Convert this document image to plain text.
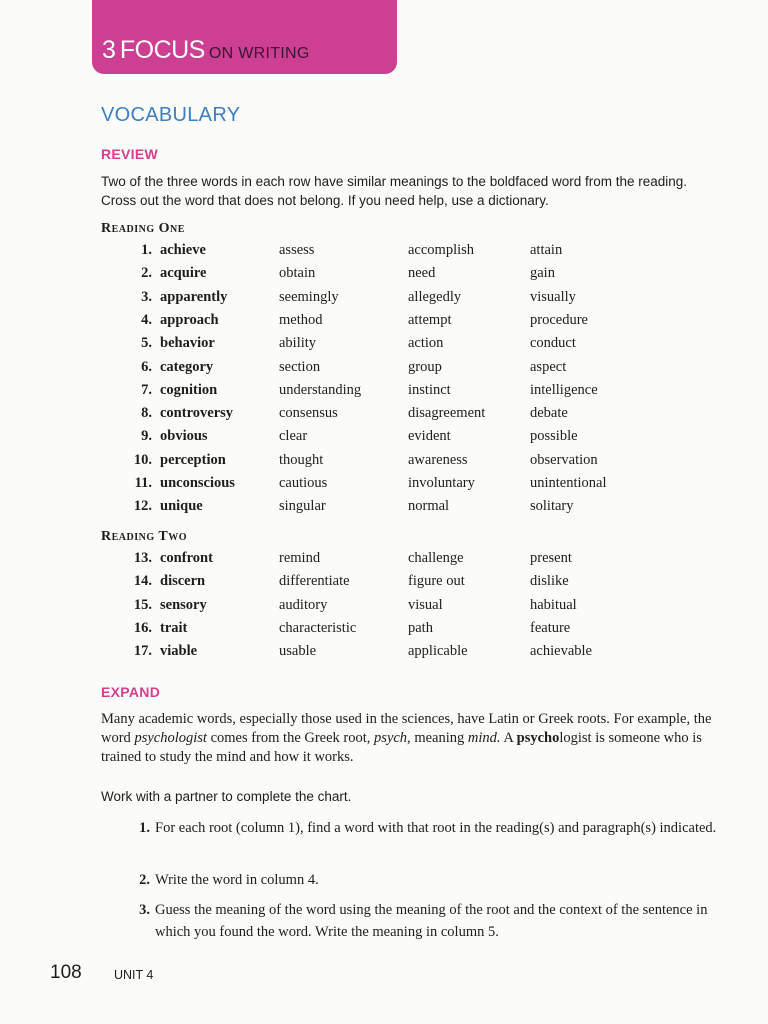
3 FOCUS ON WRITING
VOCABULARY
REVIEW

Two of the three words in each row have similar meanings to the boldfaced word from the reading. Cross out the word that does not belong. If you need help, use a dictionary.

Reading One

1. achieve	assess	accomplish	attain
2. acquire	obtain	need	gain
3. apparently	seemingly	allegedly	visually
4. approach	method	attempt	procedure
5. behavior	ability	action	conduct
6. category	section	group	aspect
7. cognition	understanding	instinct	intelligence
8. controversy	consensus	disagreement	debate
9. obvious	clear	evident	possible
10. perception	thought	awareness	observation
11. unconscious	cautious	involuntary	unintentional
12. unique	singular	normal	solitary

Reading Two

13. confront	remind	challenge	present
14. discern	differentiate	figure out	dislike
15. sensory	auditory	visual	habitual
16. trait	characteristic	path	feature
17. viable	usable	applicable	achievable
EXPAND

Many academic words, especially those used in the sciences, have Latin or Greek roots. For example, the word psychologist comes from the Greek root, psych, meaning mind. A psychologist is someone who is trained to study the mind and how it works.

Work with a partner to complete the chart.

1. For each root (column 1), find a word with that root in the reading(s) and paragraph(s) indicated.
2. Write the word in column 4.
3. Guess the meaning of the word using the meaning of the root and the context of the sentence in which you found the word. Write the meaning in column 5.

108	UNIT 4
